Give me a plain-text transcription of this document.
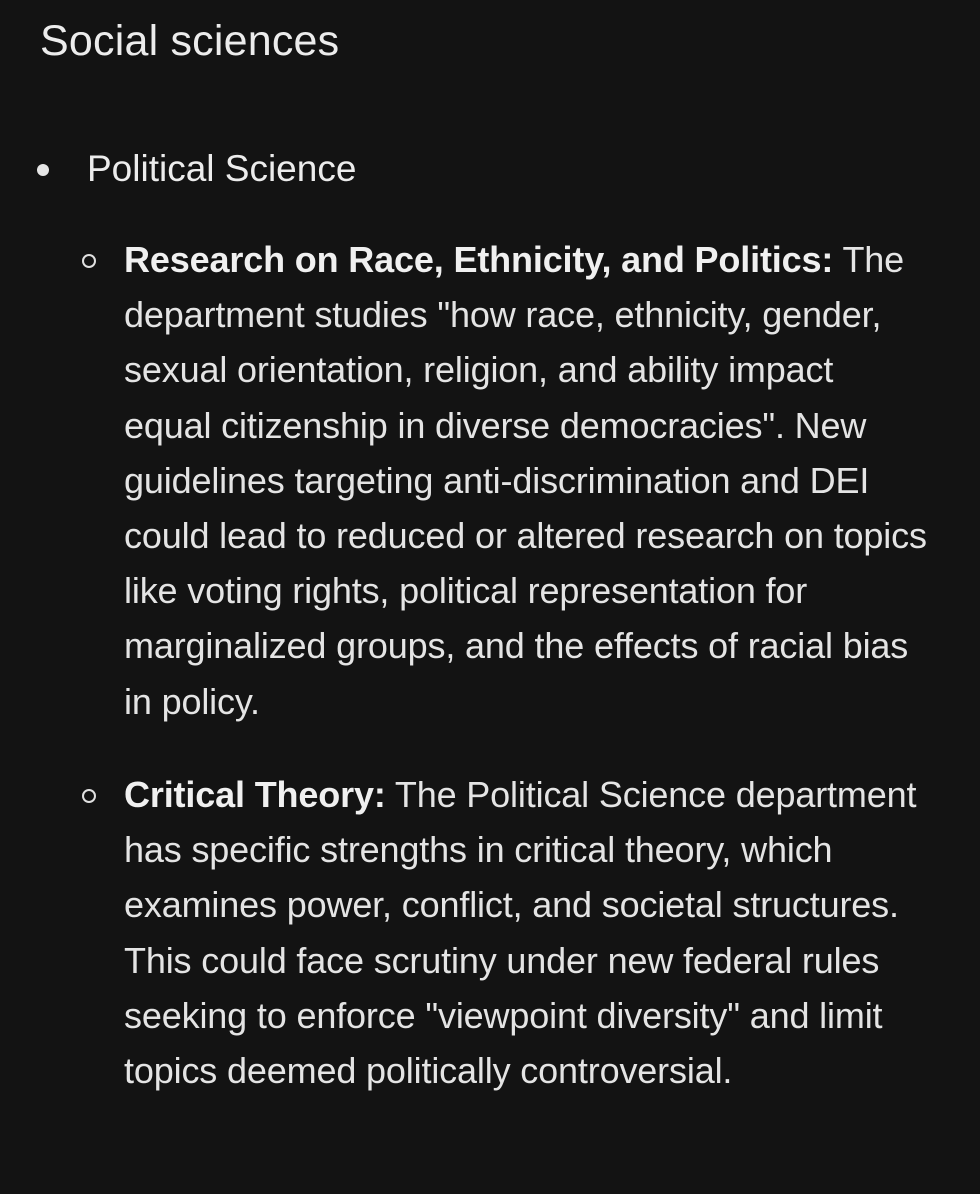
Social sciences
Political Science

Research on Race, Ethnicity, and Politics: The department studies "how race, ethnicity, gender, sexual orientation, religion, and ability impact equal citizenship in diverse democracies". New guidelines targeting anti-discrimination and DEI could lead to reduced or altered research on topics like voting rights, political representation for marginalized groups, and the effects of racial bias in policy.

Critical Theory: The Political Science department has specific strengths in critical theory, which examines power, conflict, and societal structures. This could face scrutiny under new federal rules seeking to enforce "viewpoint diversity" and limit topics deemed politically controversial.
